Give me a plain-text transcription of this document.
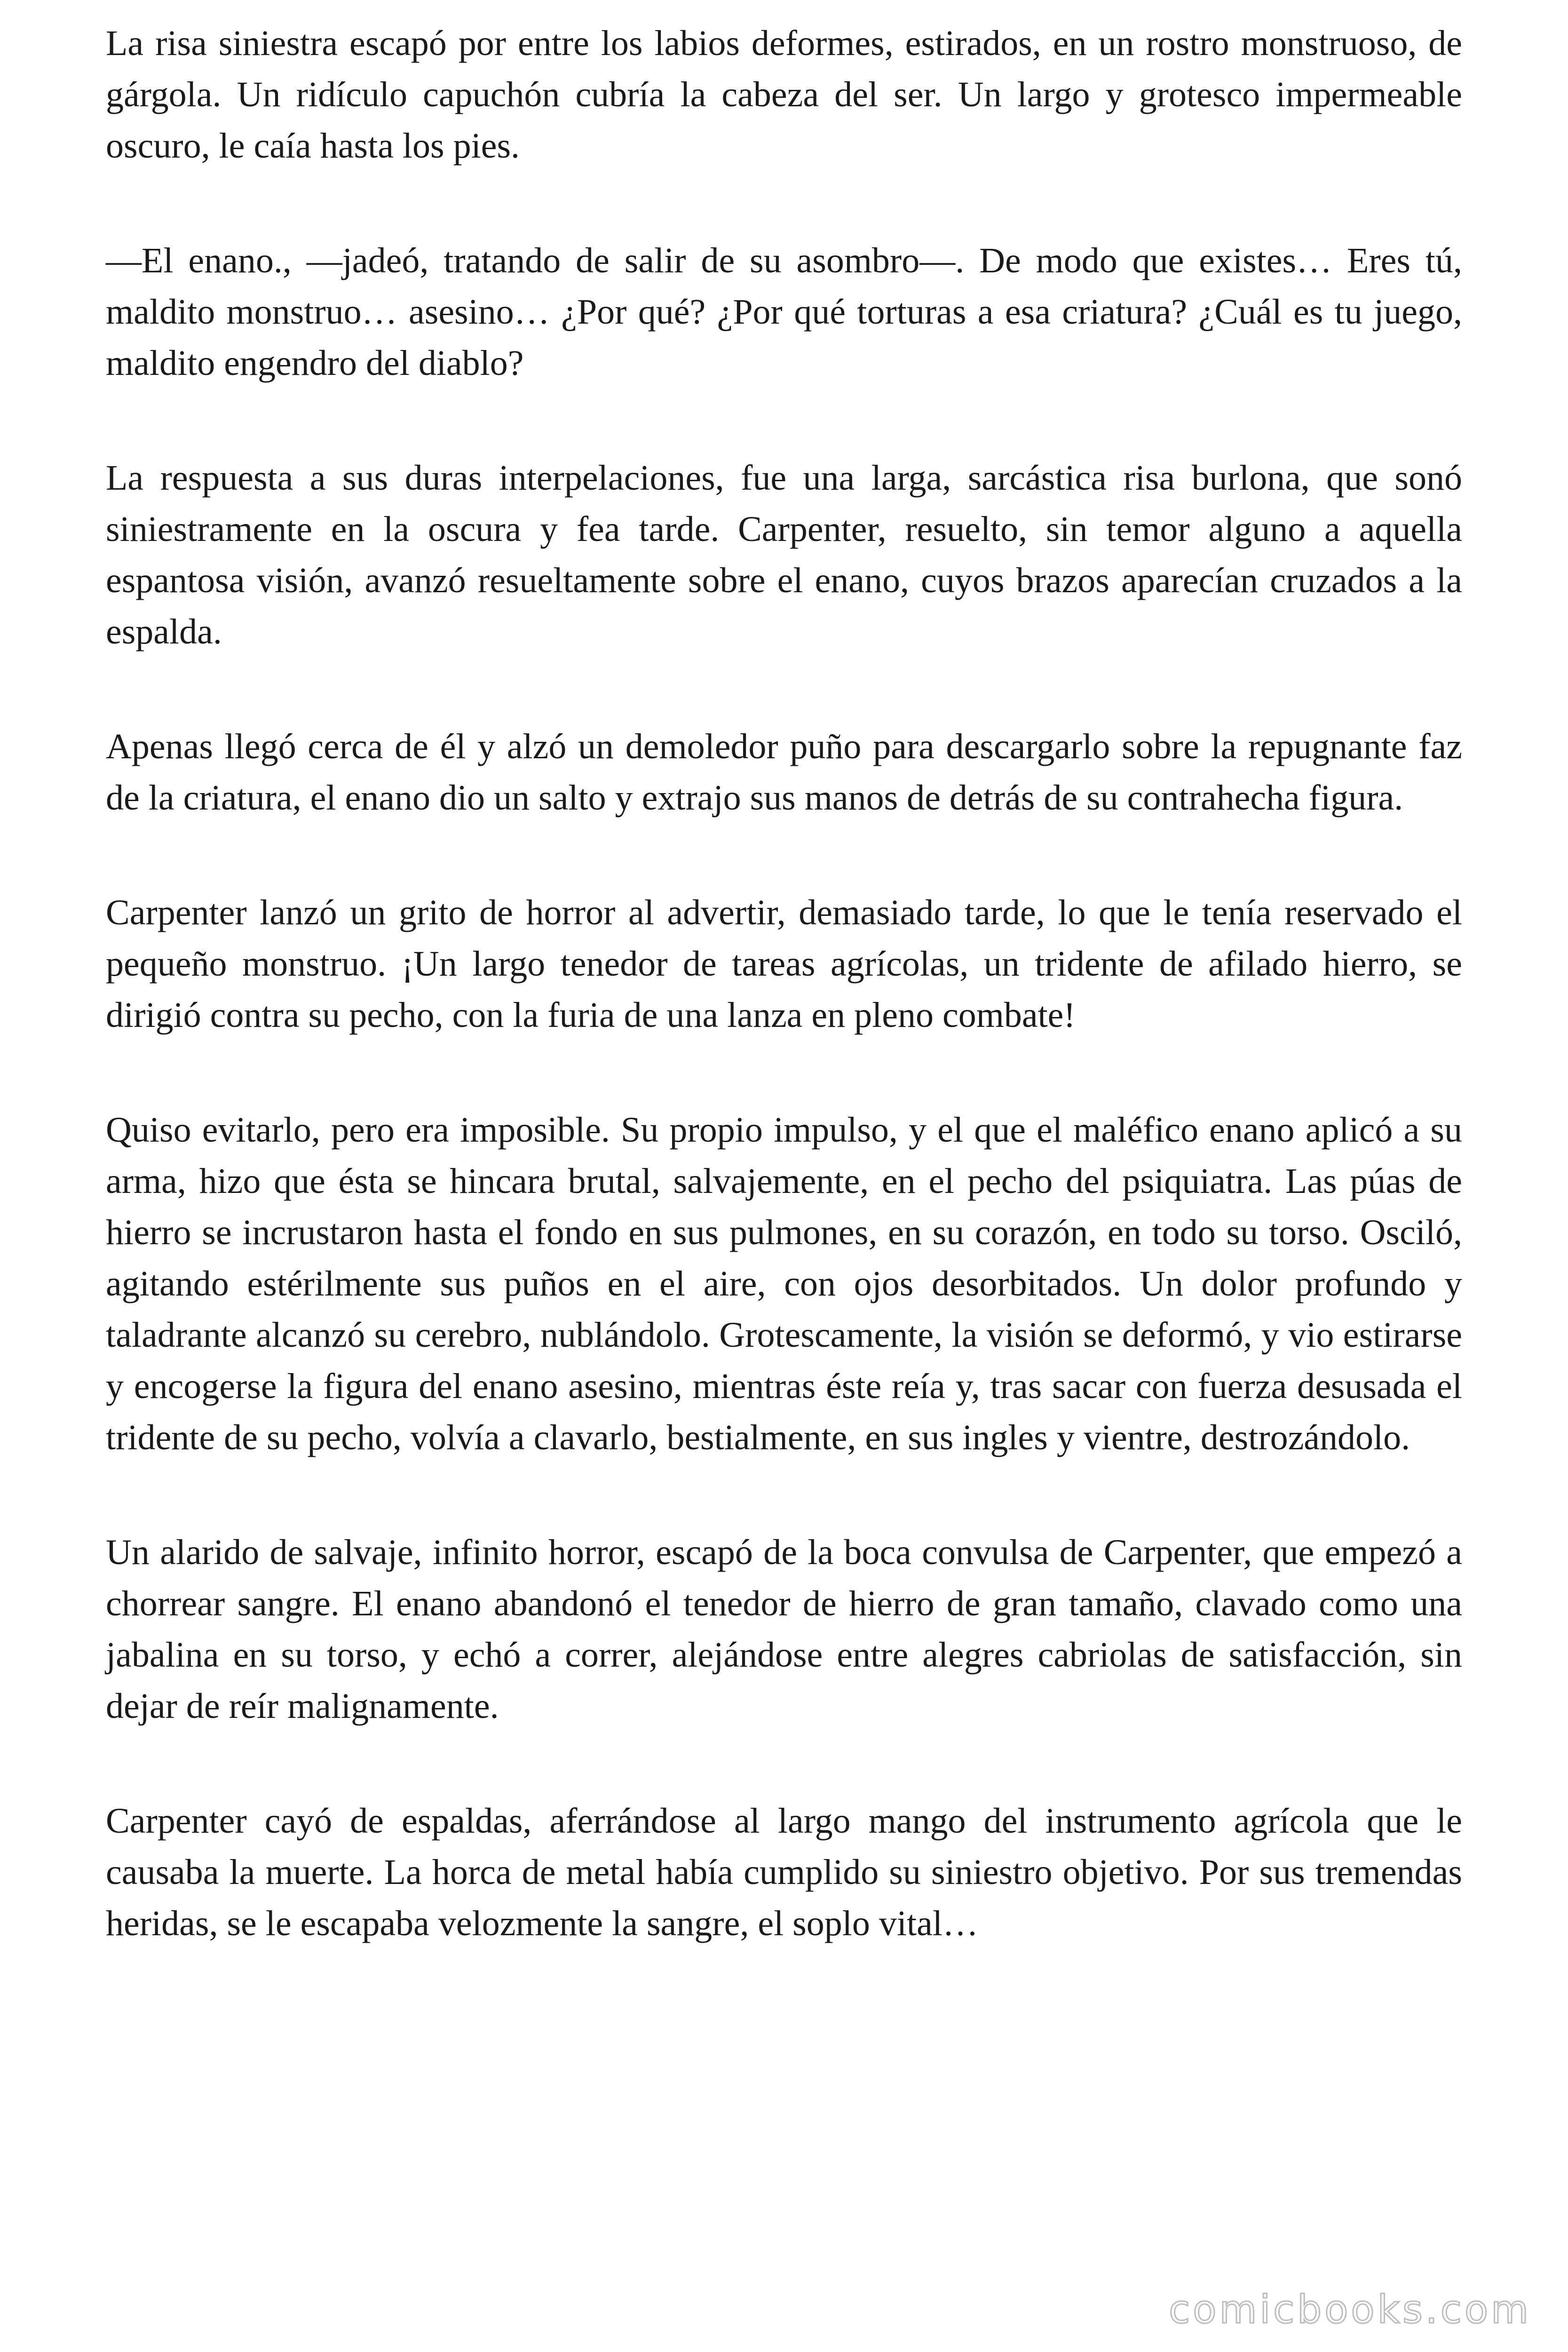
La risa siniestra escapó por entre los labios deformes, estirados, en un rostro monstruoso, de gárgola. Un ridículo capuchón cubría la cabeza del ser. Un largo y grotesco impermeable oscuro, le caía hasta los pies.

—El enano., —jadeó, tratando de salir de su asombro—. De modo que existes… Eres tú, maldito monstruo… asesino… ¿Por qué? ¿Por qué torturas a esa criatura? ¿Cuál es tu juego, maldito engendro del diablo?

La respuesta a sus duras interpelaciones, fue una larga, sarcástica risa burlona, que sonó siniestramente en la oscura y fea tarde. Carpenter, resuelto, sin temor alguno a aquella espantosa visión, avanzó resueltamente sobre el enano, cuyos brazos aparecían cruzados a la espalda.

Apenas llegó cerca de él y alzó un demoledor puño para descargarlo sobre la repugnante faz de la criatura, el enano dio un salto y extrajo sus manos de detrás de su contrahecha figura.

Carpenter lanzó un grito de horror al advertir, demasiado tarde, lo que le tenía reservado el pequeño monstruo. ¡Un largo tenedor de tareas agrícolas, un tridente de afilado hierro, se dirigió contra su pecho, con la furia de una lanza en pleno combate!

Quiso evitarlo, pero era imposible. Su propio impulso, y el que el maléfico enano aplicó a su arma, hizo que ésta se hincara brutal, salvajemente, en el pecho del psiquiatra. Las púas de hierro se incrustaron hasta el fondo en sus pulmones, en su corazón, en todo su torso. Osciló, agitando estérilmente sus puños en el aire, con ojos desorbitados. Un dolor profundo y taladrante alcanzó su cerebro, nublándolo. Grotescamente, la visión se deformó, y vio estirarse y encogerse la figura del enano asesino, mientras éste reía y, tras sacar con fuerza desusada el tridente de su pecho, volvía a clavarlo, bestialmente, en sus ingles y vientre, destrozándolo.

Un alarido de salvaje, infinito horror, escapó de la boca convulsa de Carpenter, que empezó a chorrear sangre. El enano abandonó el tenedor de hierro de gran tamaño, clavado como una jabalina en su torso, y echó a correr, alejándose entre alegres cabriolas de satisfacción, sin dejar de reír malignamente.

Carpenter cayó de espaldas, aferrándose al largo mango del instrumento agrícola que le causaba la muerte. La horca de metal había cumplido su siniestro objetivo. Por sus tremendas heridas, se le escapaba velozmente la sangre, el soplo vital…

comicbooks.com
